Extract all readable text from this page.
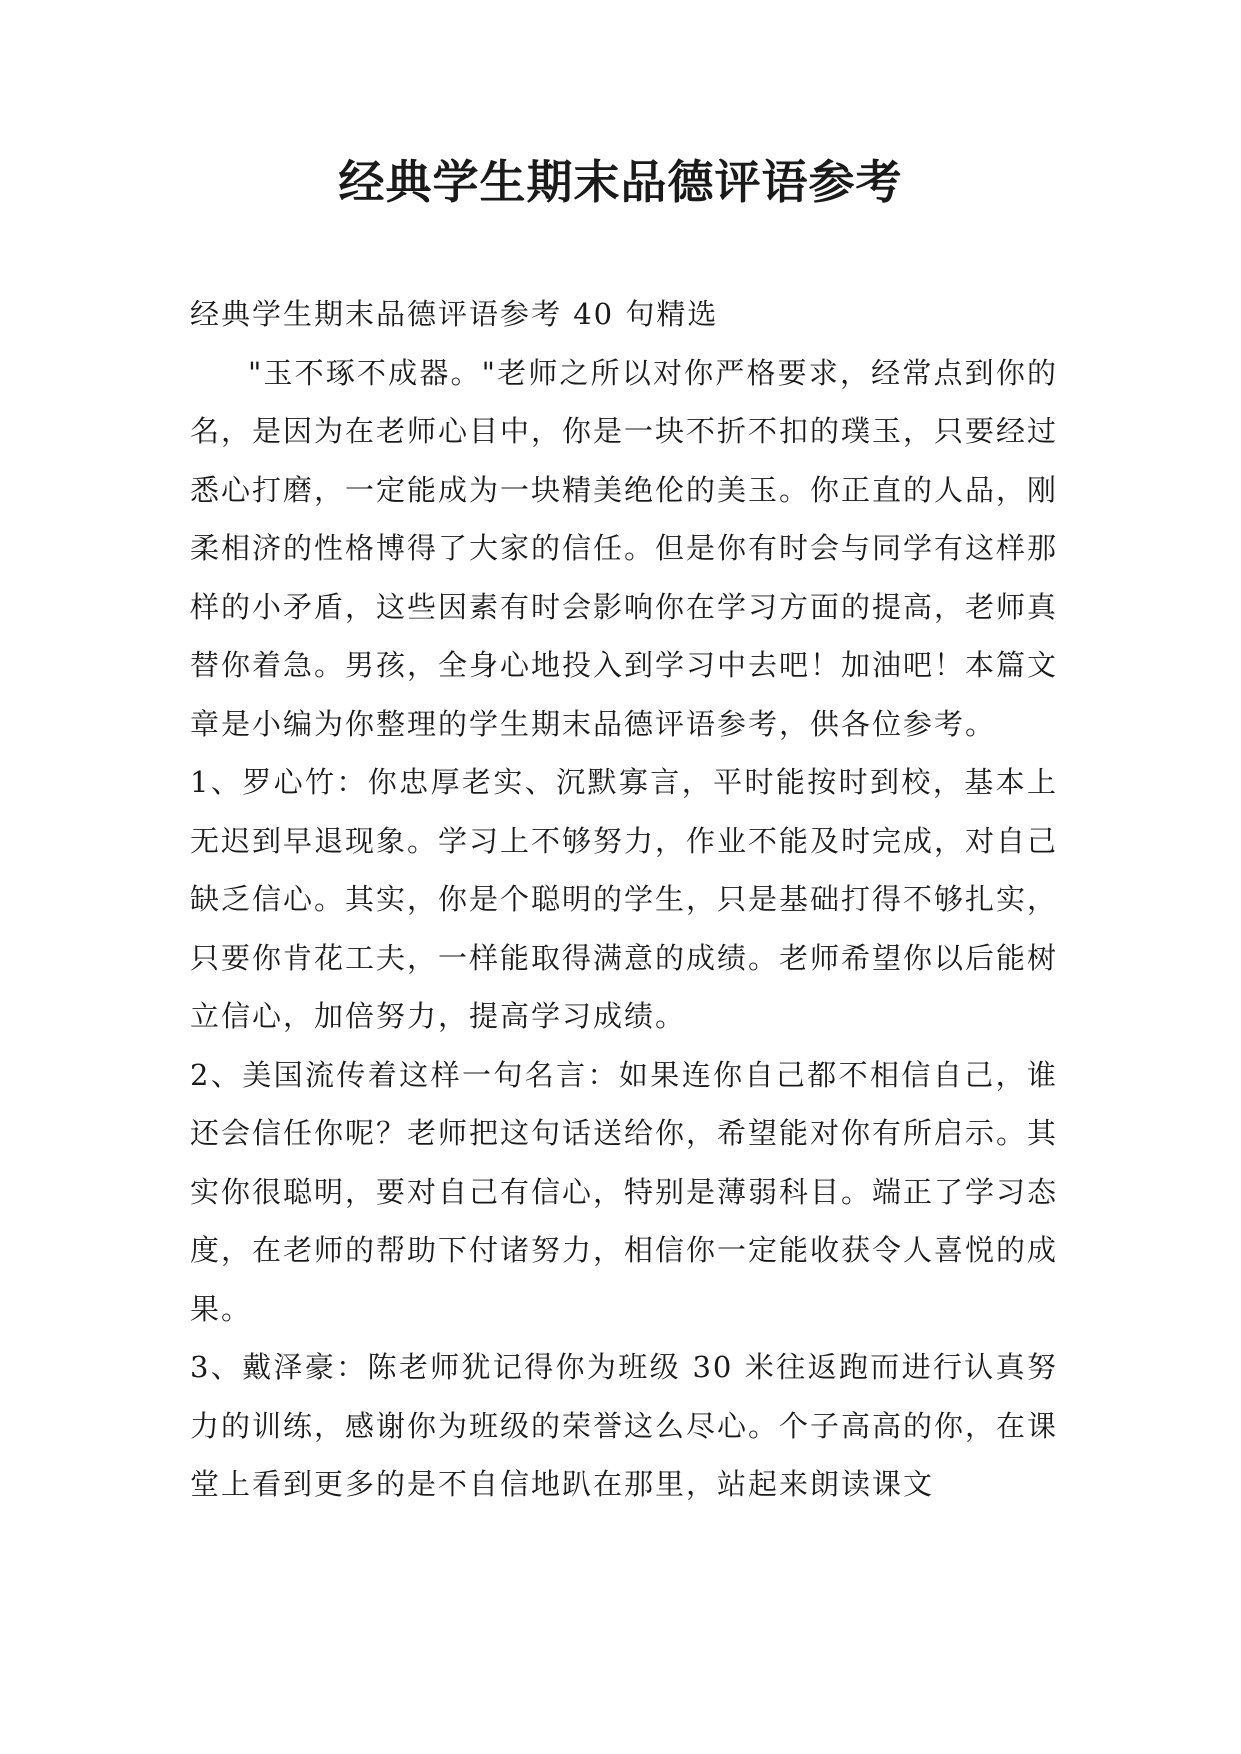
经典学生期末品德评语参考

经典学生期末品德评语参考 40 句精选

"玉不琢不成器。"老师之所以对你严格要求，经常点到你的名，是因为在老师心目中，你是一块不折不扣的璞玉，只要经过悉心打磨，一定能成为一块精美绝伦的美玉。你正直的人品，刚柔相济的性格博得了大家的信任。但是你有时会与同学有这样那样的小矛盾，这些因素有时会影响你在学习方面的提高，老师真替你着急。男孩，全身心地投入到学习中去吧！加油吧！本篇文章是小编为你整理的学生期末品德评语参考，供各位参考。

1、罗心竹：你忠厚老实、沉默寡言，平时能按时到校，基本上无迟到早退现象。学习上不够努力，作业不能及时完成，对自己缺乏信心。其实，你是个聪明的学生，只是基础打得不够扎实，只要你肯花工夫，一样能取得满意的成绩。老师希望你以后能树立信心，加倍努力，提高学习成绩。

2、美国流传着这样一句名言：如果连你自己都不相信自己，谁还会信任你呢？老师把这句话送给你，希望能对你有所启示。其实你很聪明，要对自己有信心，特别是薄弱科目。端正了学习态度，在老师的帮助下付诸努力，相信你一定能收获令人喜悦的成果。

3、戴泽豪：陈老师犹记得你为班级 30 米往返跑而进行认真努力的训练，感谢你为班级的荣誉这么尽心。个子高高的你，在课堂上看到更多的是不自信地趴在那里，站起来朗读课文
